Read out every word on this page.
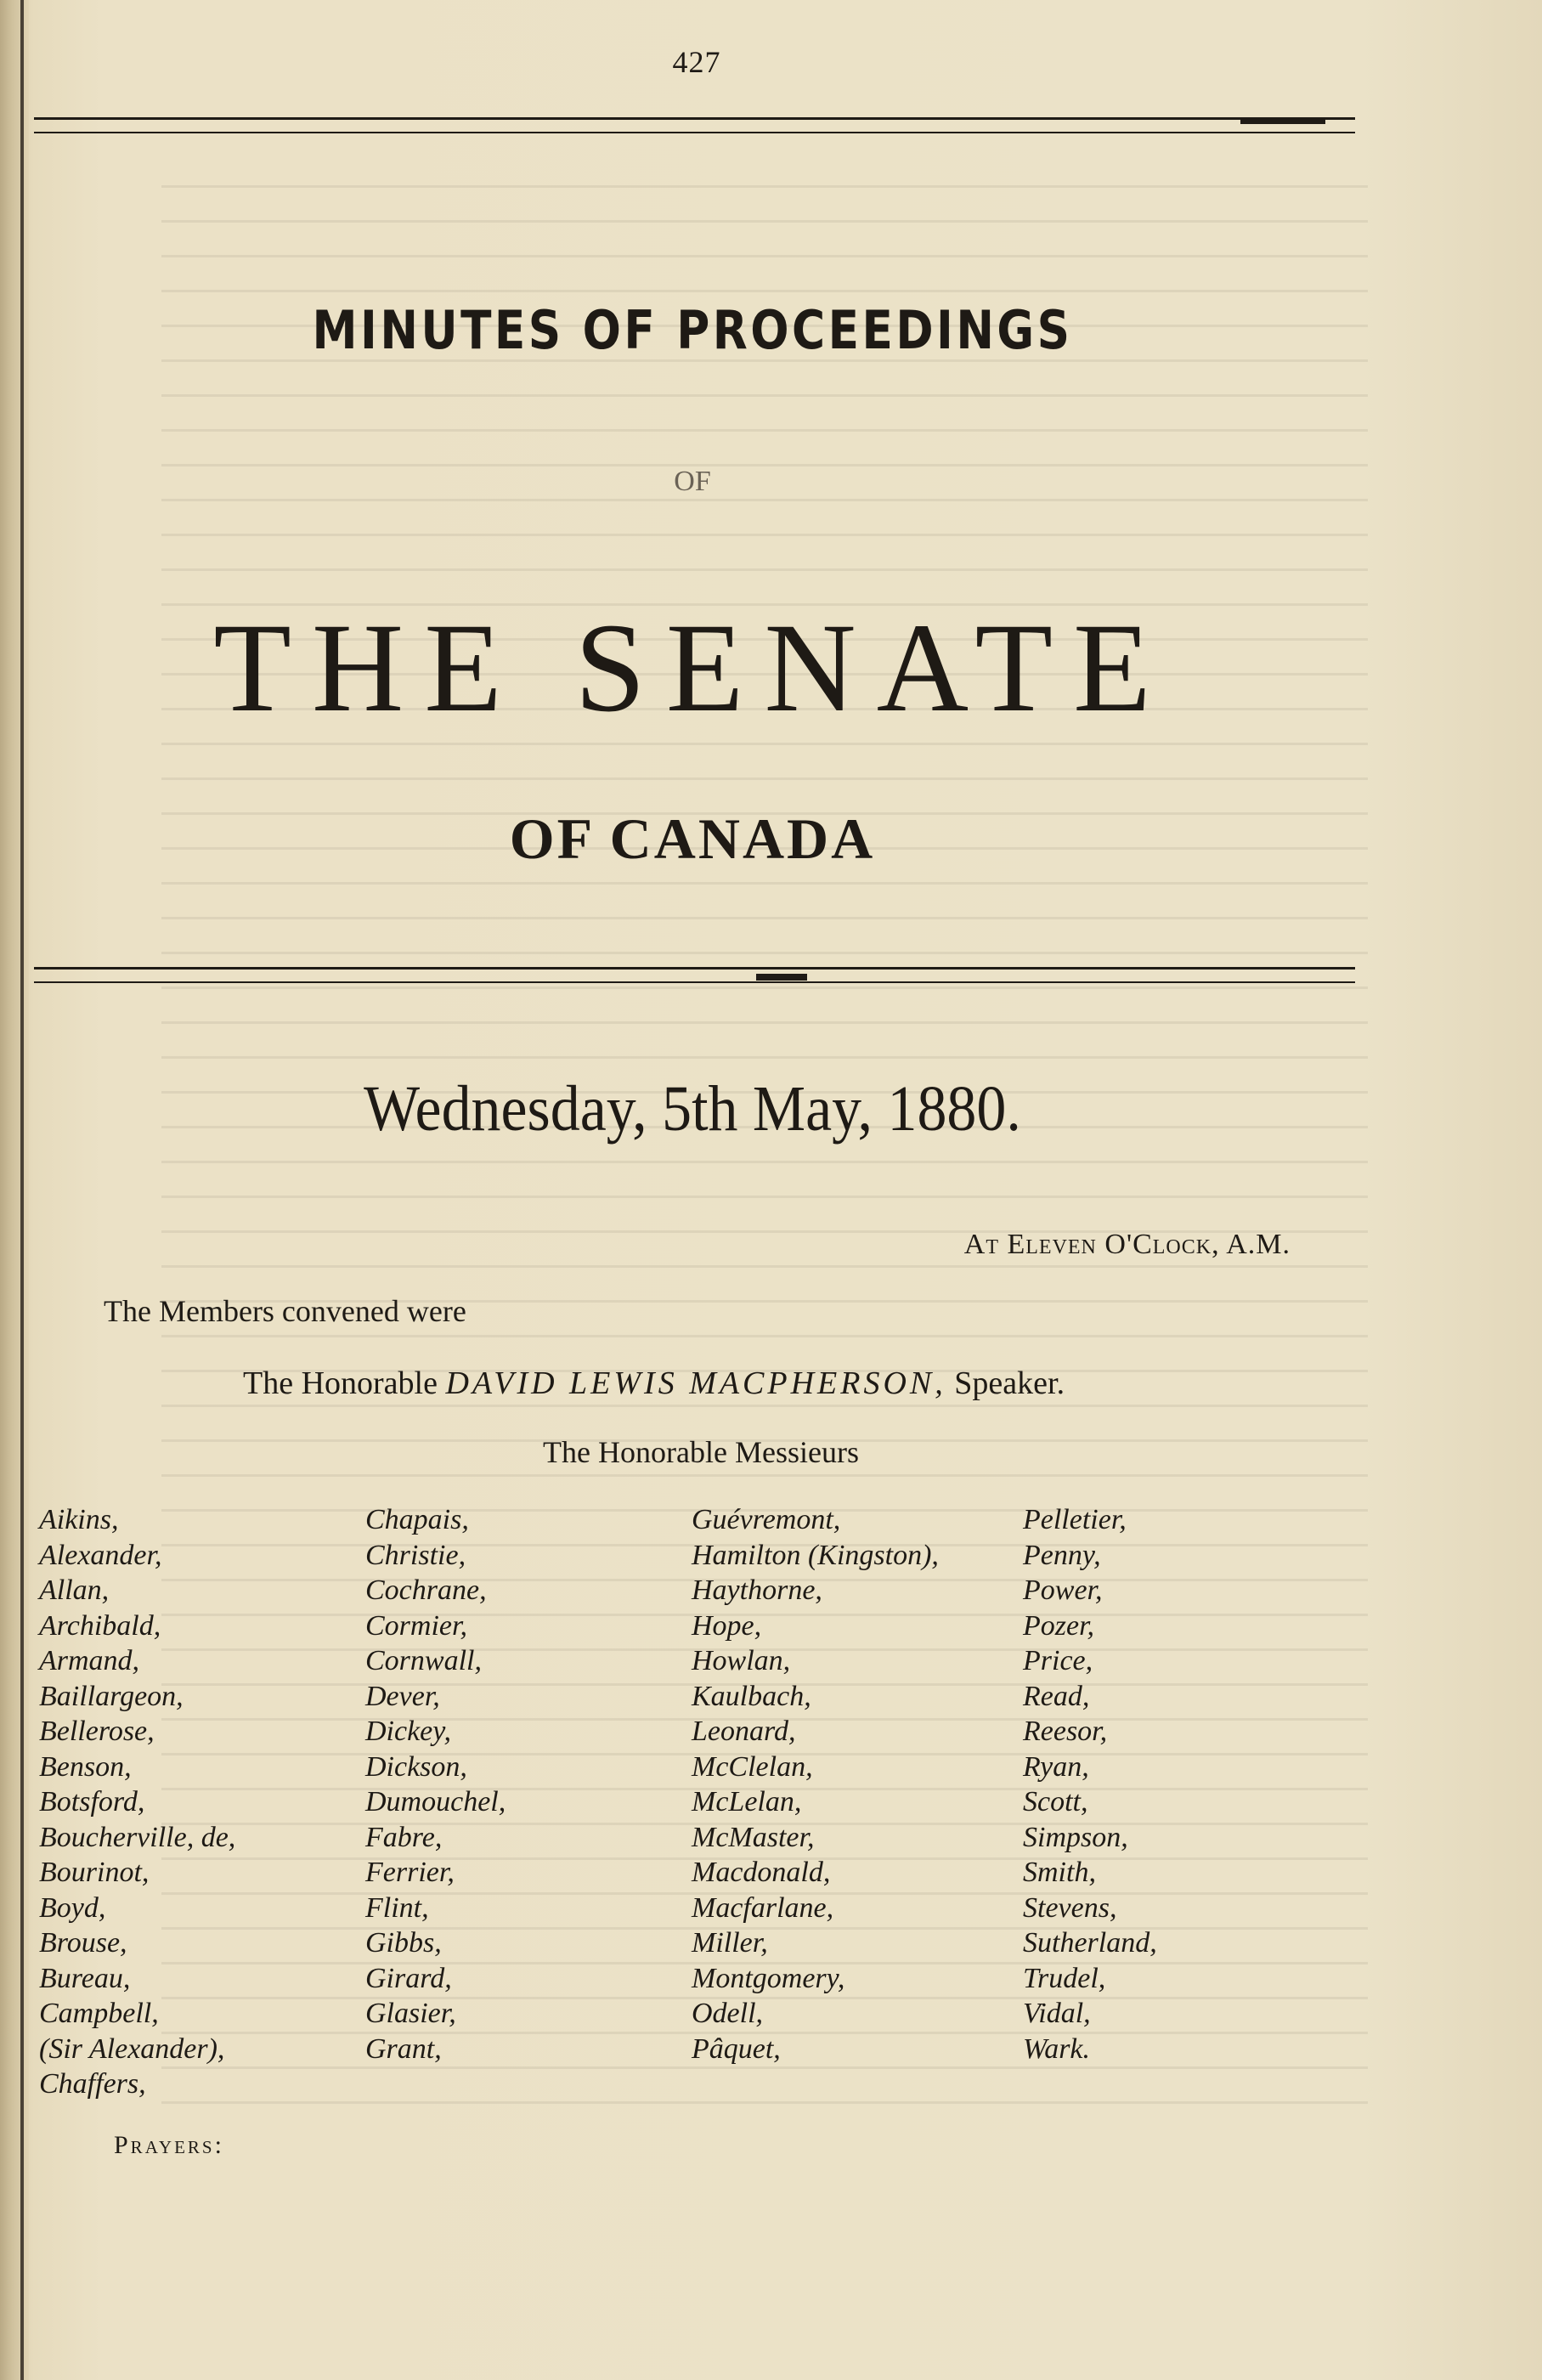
427
MINUTES OF PROCEEDINGS
OF
THE SENATE
OF CANADA
Wednesday, 5th May, 1880.
At Eleven O'Clock, A.M.
The Members convened were
The Honorable DAVID LEWIS MACPHERSON, Speaker.
The Honorable Messieurs
Aikins,
Alexander,
Allan,
Archibald,
Armand,
Baillargeon,
Bellerose,
Benson,
Botsford,
Boucherville, de,
Bourinot,
Boyd,
Brouse,
Bureau,
Campbell,
(Sir Alexander),
Chaffers,
Chapais,
Christie,
Cochrane,
Cormier,
Cornwall,
Dever,
Dickey,
Dickson,
Dumouchel,
Fabre,
Ferrier,
Flint,
Gibbs,
Girard,
Glasier,
Grant,
Guévremont,
Hamilton (Kingston),
Haythorne,
Hope,
Howlan,
Kaulbach,
Leonard,
McClelan,
McLelan,
McMaster,
Macdonald,
Macfarlane,
Miller,
Montgomery,
Odell,
Pâquet,
Pelletier,
Penny,
Power,
Pozer,
Price,
Read,
Reesor,
Ryan,
Scott,
Simpson,
Smith,
Stevens,
Sutherland,
Trudel,
Vidal,
Wark.
Prayers:
